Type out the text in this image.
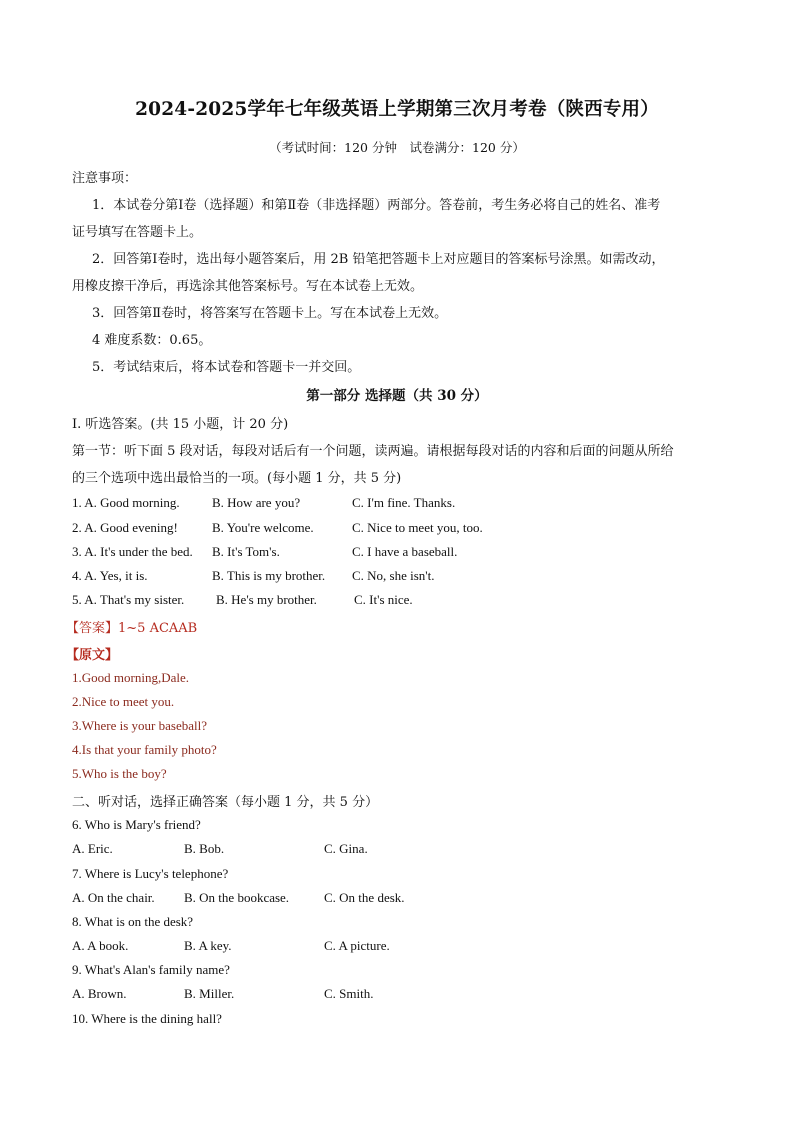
2024-2025学年七年级英语上学期第三次月考卷（陕西专用）
（考试时间：120 分钟　试卷满分：120 分）
注意事项：
1．本试卷分第Ⅰ卷（选择题）和第Ⅱ卷（非选择题）两部分。答卷前，考生务必将自己的姓名、准考
证号填写在答题卡上。
2．回答第Ⅰ卷时，选出每小题答案后，用 2B 铅笔把答题卡上对应题目的答案标号涂黑。如需改动，
用橡皮擦干净后，再选涂其他答案标号。写在本试卷上无效。
3．回答第Ⅱ卷时，将答案写在答题卡上。写在本试卷上无效。
4 难度系数：0.65。
5．考试结束后，将本试卷和答题卡一并交回。
第一部分 选择题（共 30 分）
I. 听选答案。(共 15 小题，计 20 分)
第一节：听下面 5 段对话，每段对话后有一个问题，读两遍。请根据每段对话的内容和后面的问题从所给
的三个选项中选出最恰当的一项。(每小题 1 分，共 5 分)
1. A. Good morning. B. How are you?	C. I'm fine. Thanks.
2. A. Good evening!	B. You're welcome.	C. Nice to meet you, too.
3. A. It's under the bed. B. It's Tom's.	C. I have a baseball.
4. A. Yes, it is.	B. This is my brother. C. No, she isn't.
5. A. That's my sister. B. He's my brother.	C. It's nice.
【答案】1~5 ACAAB
【原文】
1.Good morning,Dale.
2.Nice to meet you.
3.Where is your baseball?
4.Is that your family photo?
5.Who is the boy?
二、听对话，选择正确答案（每小题 1 分，共 5 分）
6. Who is Mary's friend?
A. Eric.	B. Bob.	C. Gina.
7. Where is Lucy's telephone?
A. On the chair. B. On the bookcase.	C. On the desk.
8. What is on the desk?
A. A book.	B. A key.	C. A picture.
9. What's Alan's family name?
A. Brown.	B. Miller.	C. Smith.
10. Where is the dining hall?
